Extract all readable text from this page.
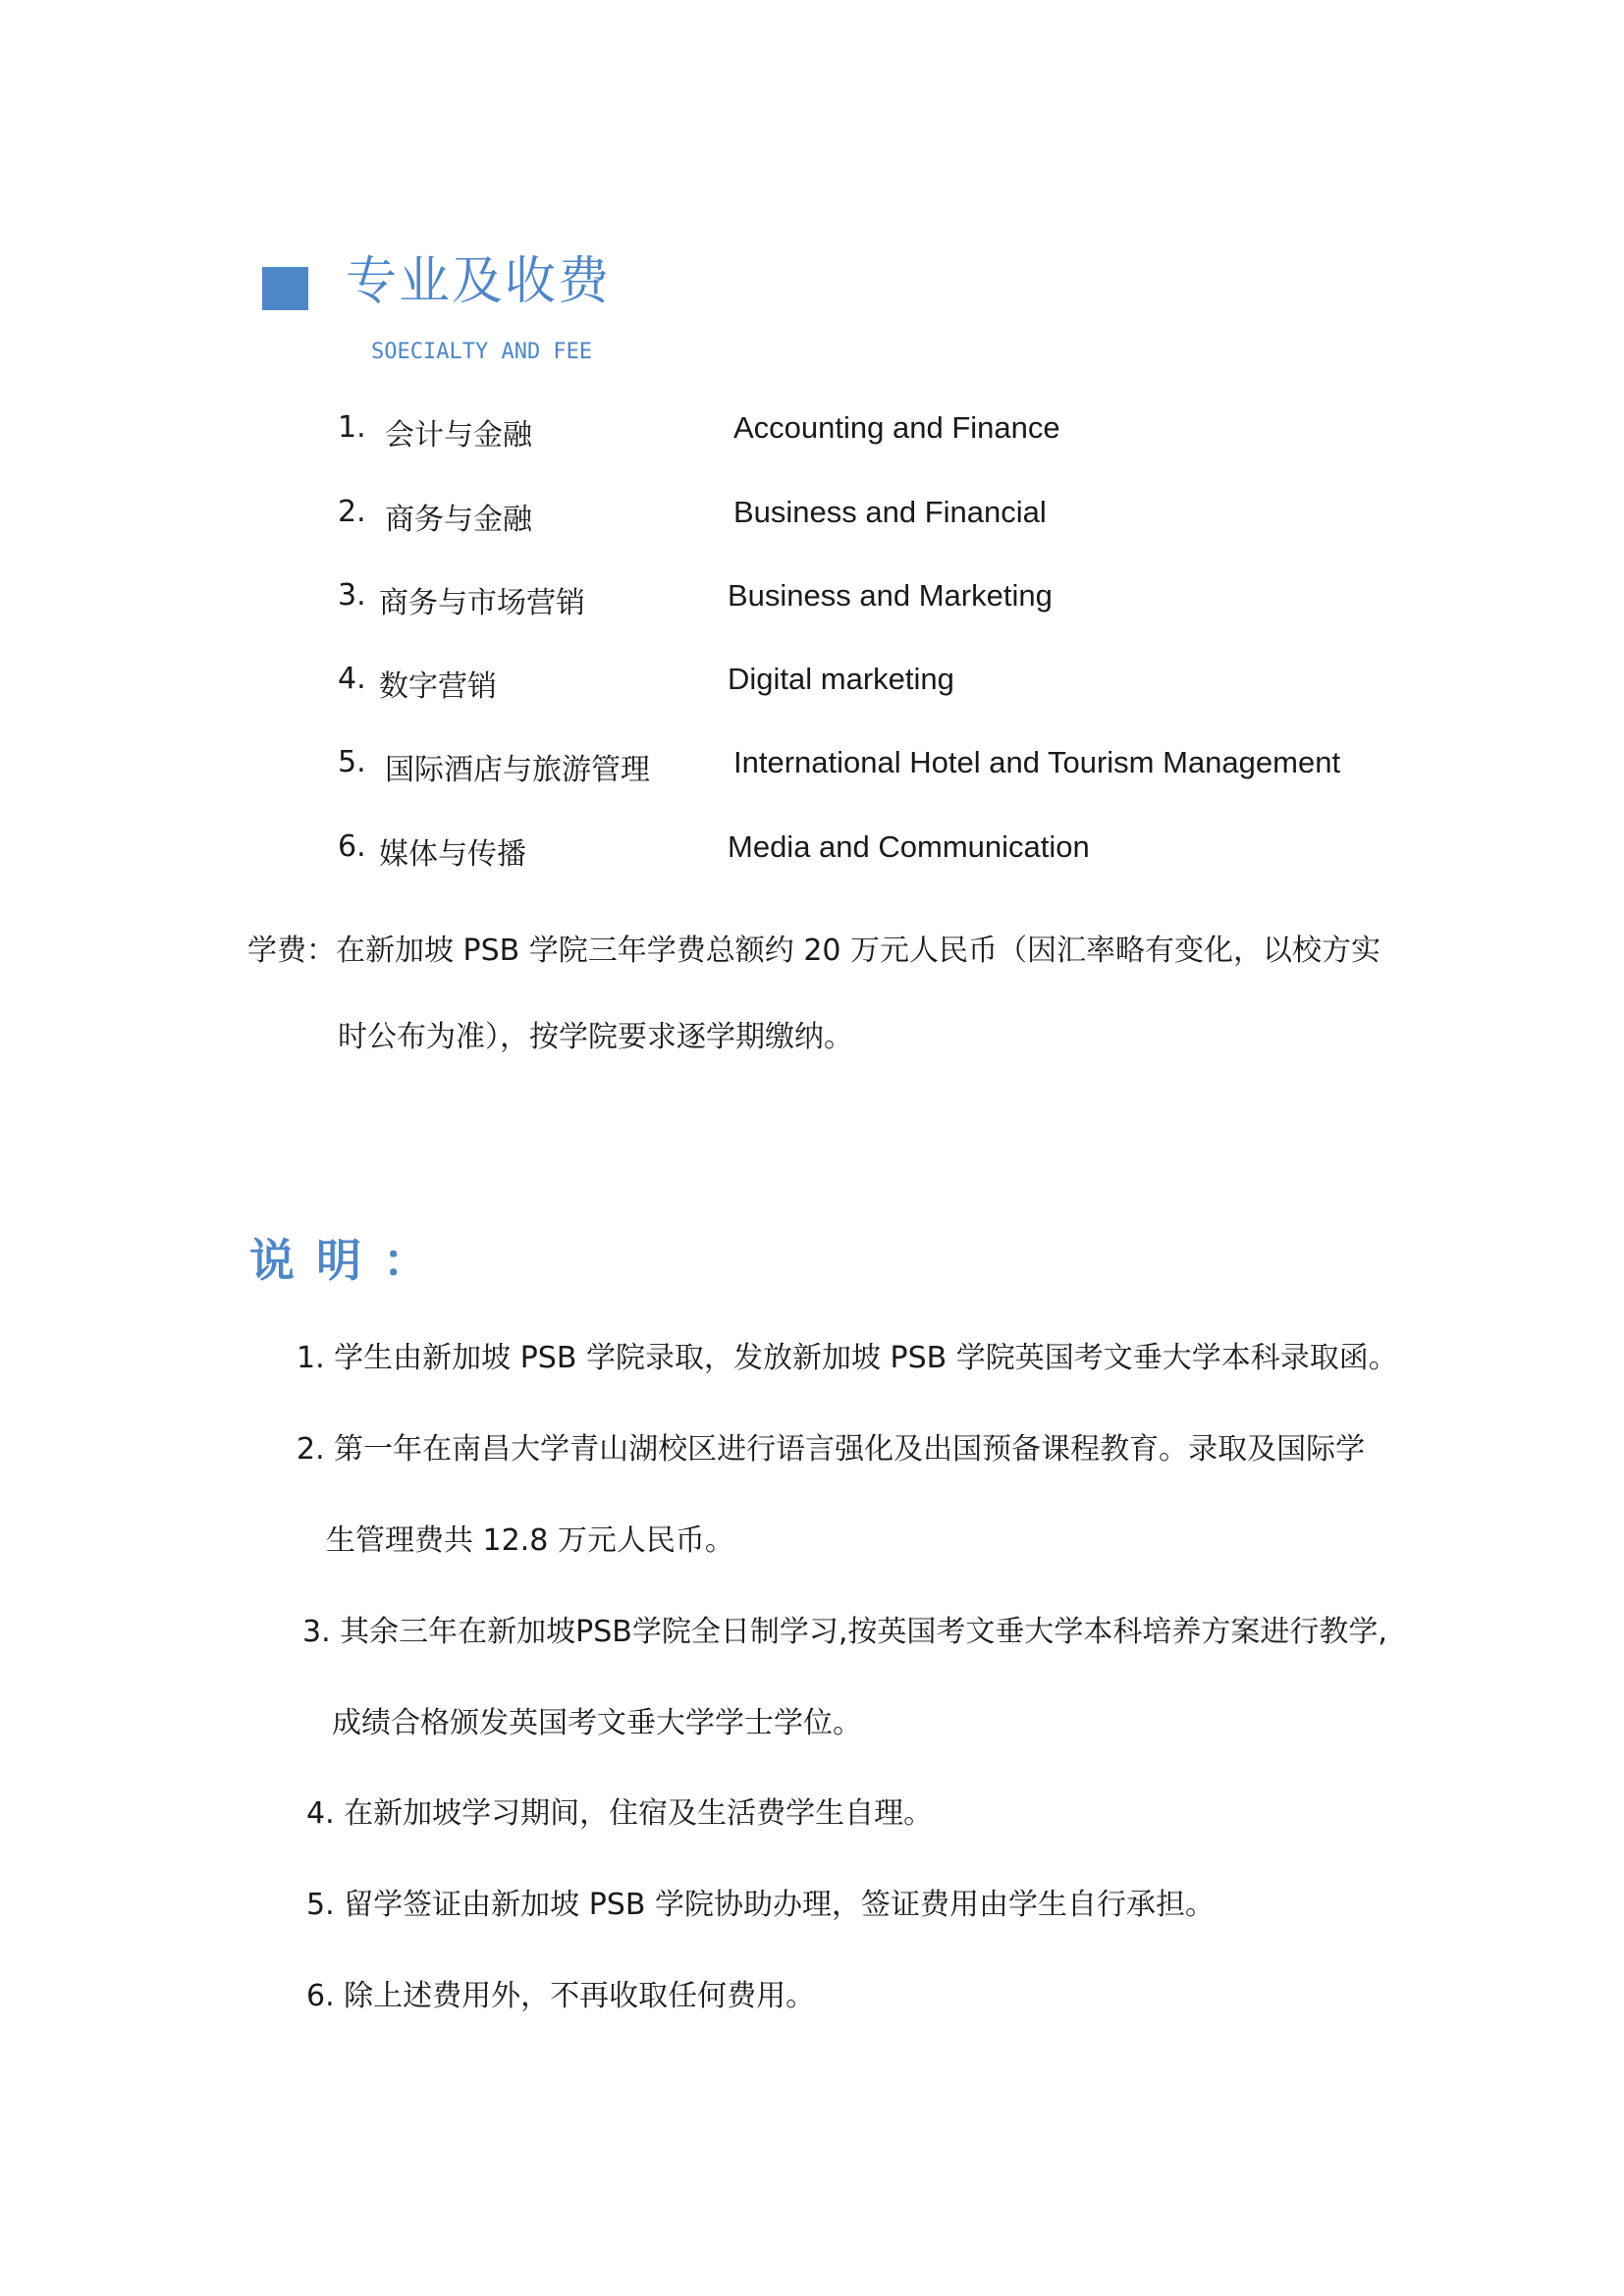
专业及收费
SOECIALTY AND FEE
1. 会计与金融	Accounting and Finance
2. 商务与金融	Business and Financial
3. 商务与市场营销	Business and Marketing
4. 数字营销	Digital marketing
5. 国际酒店与旅游管理	International Hotel and Tourism Management
6. 媒体与传播	Media and Communication
学费：在新加坡 PSB 学院三年学费总额约 20 万元人民币（因汇率略有变化，以校方实
时公布为准），按学院要求逐学期缴纳。
说明：
1. 学生由新加坡 PSB 学院录取，发放新加坡 PSB 学院英国考文垂大学本科录取函。
2. 第一年在南昌大学青山湖校区进行语言强化及出国预备课程教育。录取及国际学
生管理费共 12.8 万元人民币。
3. 其余三年在新加坡PSB学院全日制学习,按英国考文垂大学本科培养方案进行教学,
成绩合格颁发英国考文垂大学学士学位。
4. 在新加坡学习期间，住宿及生活费学生自理。
5. 留学签证由新加坡 PSB 学院协助办理，签证费用由学生自行承担。
6. 除上述费用外，不再收取任何费用。
